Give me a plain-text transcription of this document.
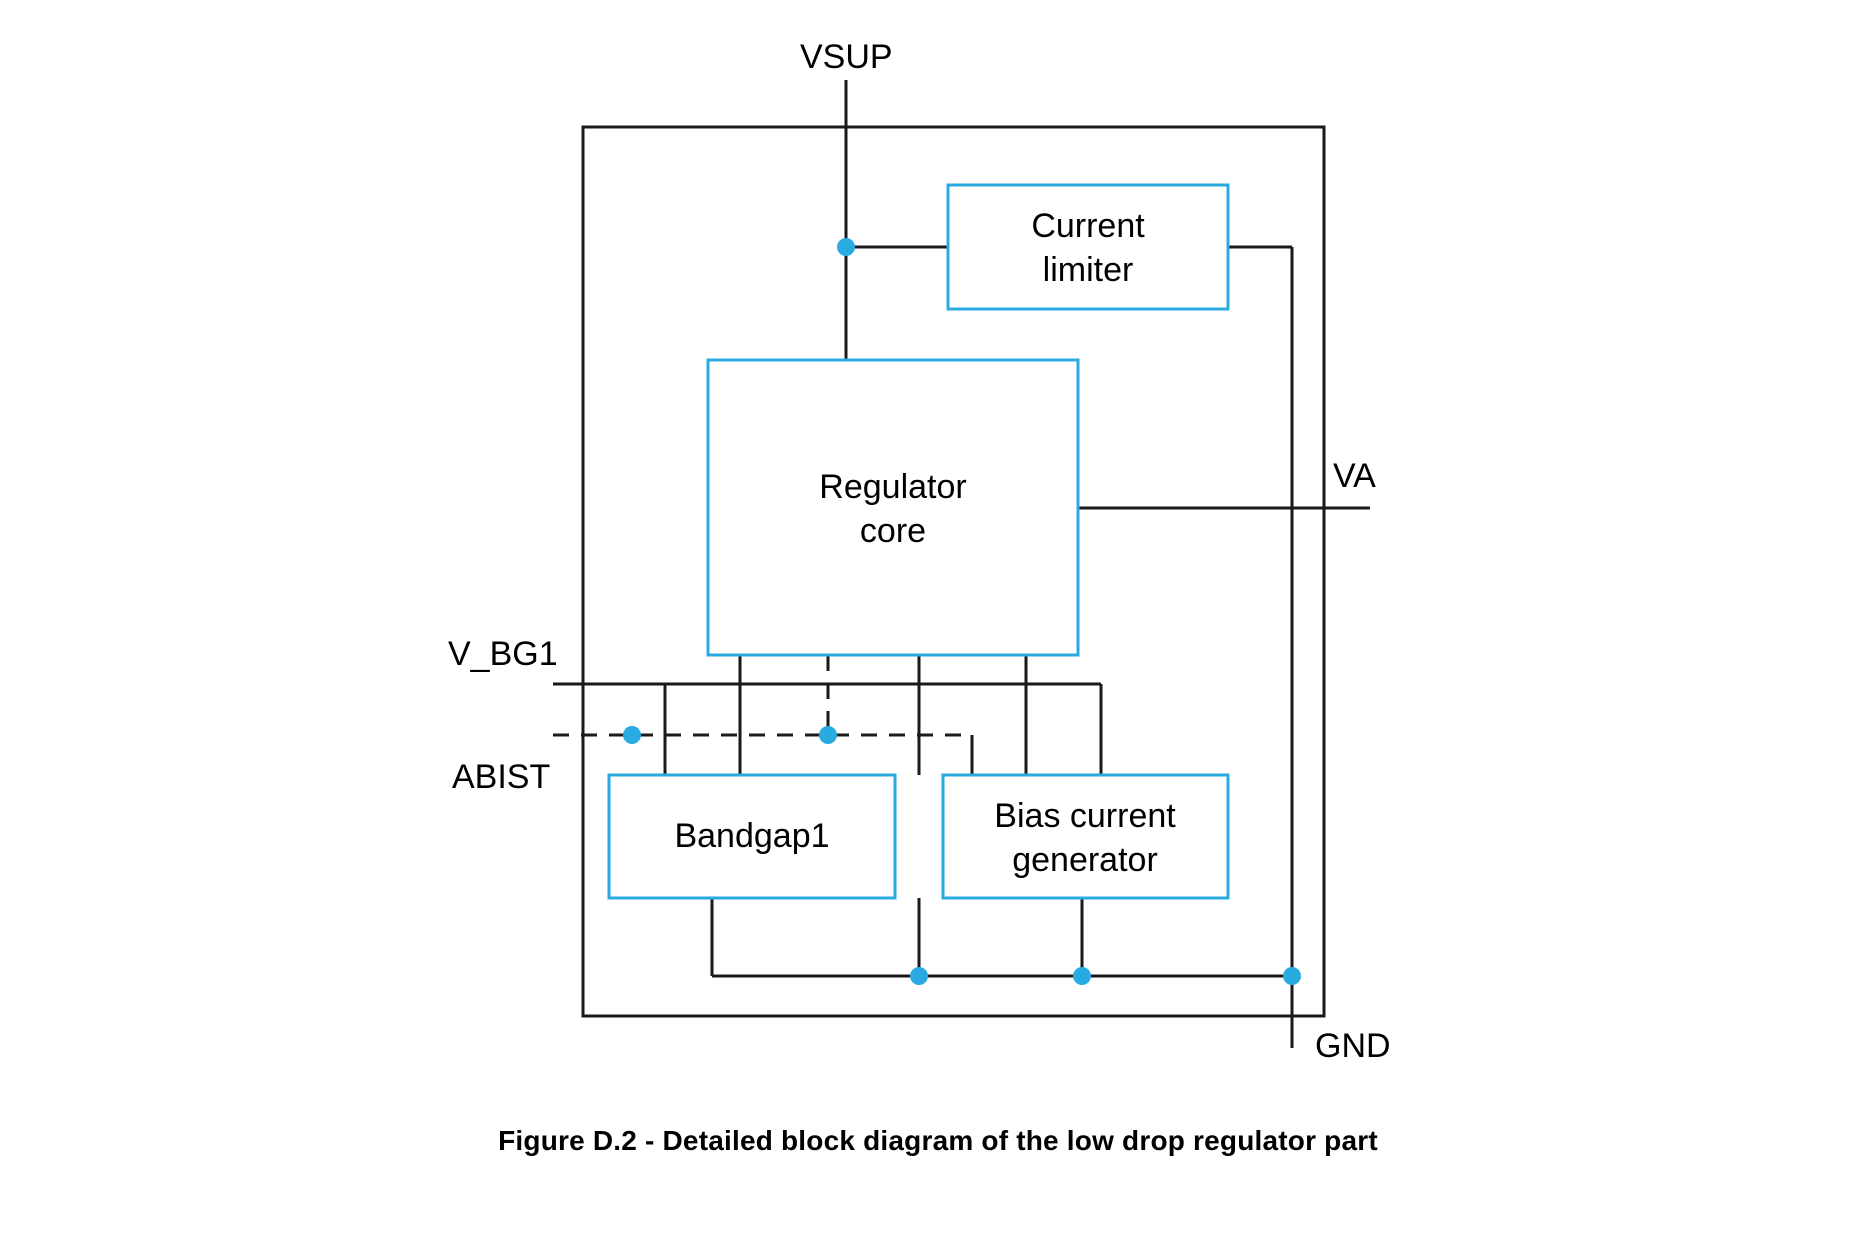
Current
limiter
Regulator
core
Bandgap1
Bias current
generator
VSUP
VA
GND
V_BG1
ABIST
Figure D.2 - Detailed block diagram of the low drop regulator part
